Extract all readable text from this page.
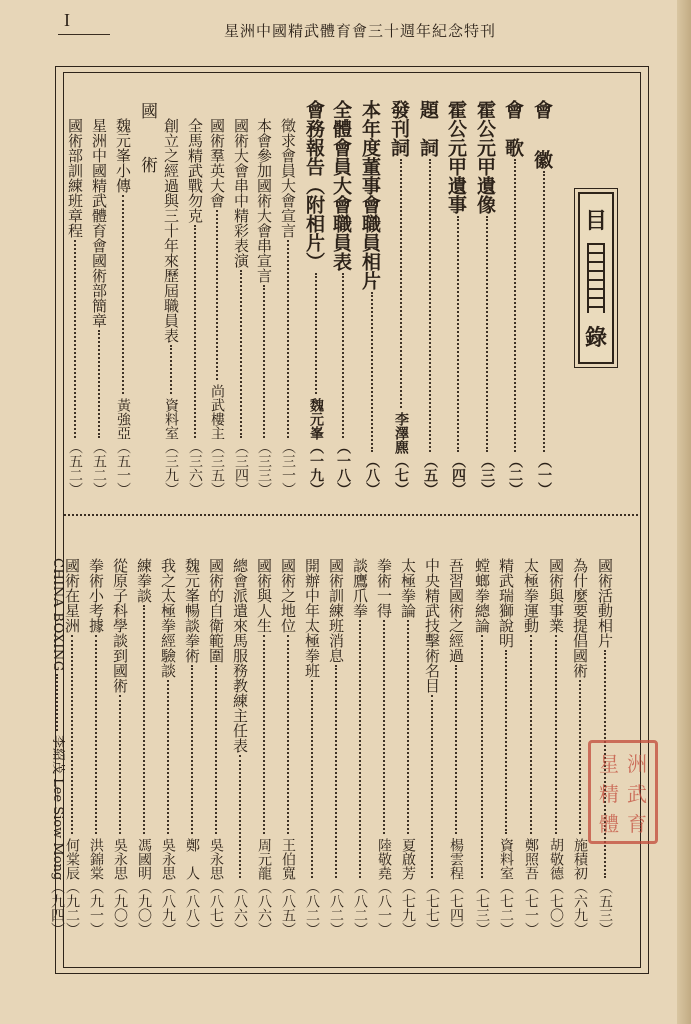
I
星洲中國精武體育會三十週年紀念特刊
目
錄
會
徽
（一）
會　歌
（二）
霍公元甲遺像
（三）
霍公元甲遺事
（四）
題　詞
（五）
發刊詞
李澤麃
（七）
本年度董事會職員相片
（八）
全體會員大會職員表
（一八）
會務報告（附相片）
魏元峯
（一九）
徵求會員大會宣言
（三一）
本會參加國術大會串宣言
（三三）
國術大會串中精彩表演
（三四）
國術羣英大會
尚武樓主
（三五）
全馬精武戰勿克
（三六）
創立之經過與三十年來歷屆職員表
資料室
（三九）
國
術
魏元峯小傳
黃強亞
（五一）
星洲中國精武體育會國術部簡章
（五二）
國術部訓練班章程
（五二）
國術活動相片
（五三）
為什麼要提倡國術
施積初
（六九）
國術與事業
胡敬德
（七〇）
太極拳運動
鄭照吾
（七一）
精武瑞獅說明
資料室
（七二）
螳螂拳總論
（七三）
吾習國術之經過
楊雲程
（七四）
中央精武技擊術名目
（七七）
太極拳論
夏啟芳
（七九）
拳術一得
陸敬堯
（八一）
談鷹爪拳
（八二）
國術訓練班消息
（八二）
開辦中年太極拳班
（八二）
國術之地位
王伯寬
（八五）
國術與人生
周元龍
（八六）
總會派遣來馬服務教練主任表
（八六）
國術的自衛範圍
吳永思
（八七）
魏元峯暢談拳術
鄭　人
（八八）
我之太極拳經驗談
吳永思
（八九）
練拳談
馮國明
（九〇）
從原子科學談到國術
吳永思
（九〇）
拳術小考據
洪錦棠
（九一）
國術在星洲
何棠辰
（九二）
CHINA BOXING
李紹茂 Lee Siow Mong
（九四）
星 洲
精 武
體 育
